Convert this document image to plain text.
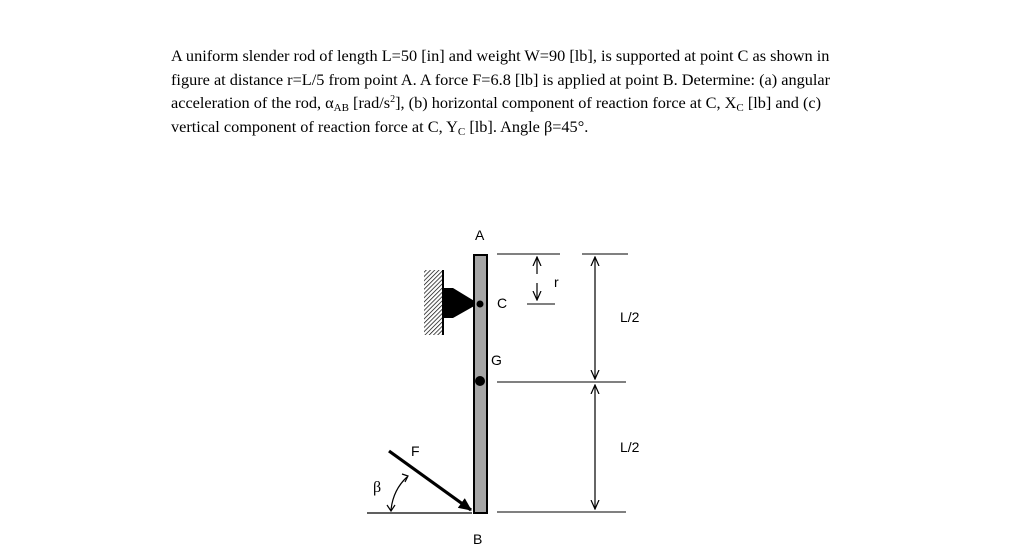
A uniform slender rod of length L=50 [in] and weight W=90 [lb], is supported at point C as shown in
figure at distance r=L/5 from point A. A force F=6.8 [lb] is applied at point B. Determine: (a) angular
acceleration of the rod, $\alpha_{AB}$ $[rad/s^2]$, (b) horizontal component of reaction force at C, $X_C$ [lb] and (c)
vertical component of reaction force at C, $Y_C$ [lb]. Angle β=45°.
A
B
C
G
r
F
β
L/2
L/2
